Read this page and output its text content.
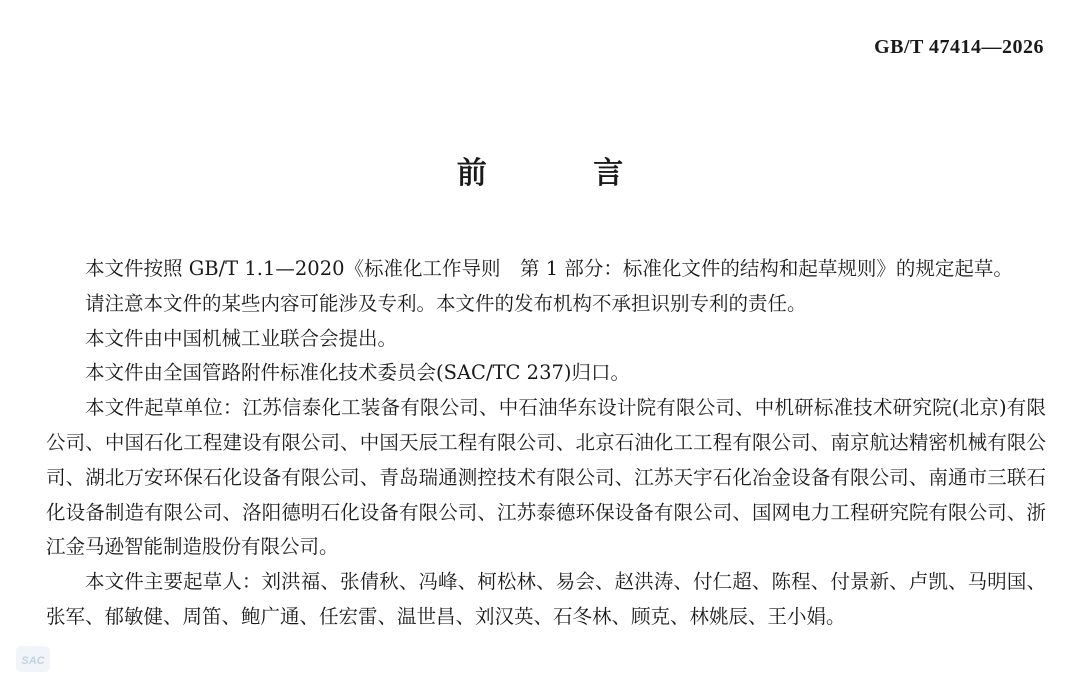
GB/T 47414—2026
前 言

本文件按照 GB/T 1.1—2020《标准化工作导则　第 1 部分：标准化文件的结构和起草规则》的规定起草。

请注意本文件的某些内容可能涉及专利。本文件的发布机构不承担识别专利的责任。

本文件由中国机械工业联合会提出。

本文件由全国管路附件标准化技术委员会(SAC/TC 237)归口。

本文件起草单位：江苏信泰化工装备有限公司、中石油华东设计院有限公司、中机研标准技术研究院(北京)有限公司、中国石化工程建设有限公司、中国天辰工程有限公司、北京石油化工工程有限公司、南京航达精密机械有限公司、湖北万安环保石化设备有限公司、青岛瑞通测控技术有限公司、江苏天宇石化冶金设备有限公司、南通市三联石化设备制造有限公司、洛阳德明石化设备有限公司、江苏泰德环保设备有限公司、国网电力工程研究院有限公司、浙江金马逊智能制造股份有限公司。

本文件主要起草人：刘洪福、张倩秋、冯峰、柯松林、易会、赵洪涛、付仁超、陈程、付景新、卢凯、马明国、张军、郁敏健、周笛、鲍广通、任宏雷、温世昌、刘汉英、石冬林、顾克、林姚辰、王小娟。

SAC
